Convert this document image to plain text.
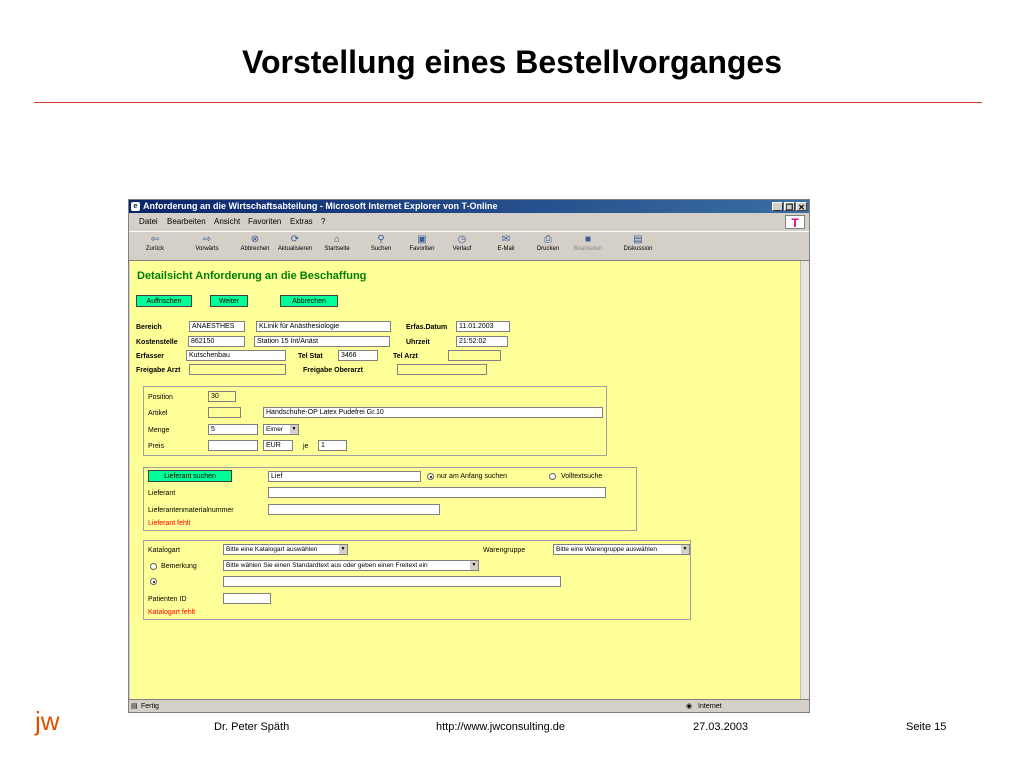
Vorstellung eines Bestellvorganges
e Anforderung an die Wirtschaftsabteilung - Microsoft Internet Explorer von T-Online	_ ❐ ✕
Datei Bearbeiten Ansicht Favoriten Extras ?	T
⇦
Zurück
⇨
Vorwärts
⊗
Abbrechen
⟳
Aktualisieren
⌂
Startseite
⚲
Suchen
▣
Favoriten
◷
Verlauf
✉
E-Mail
⎙
Drucken
■
Bearbeiten
▤
Diskussion
Detailsicht Anforderung an die Beschaffung
Auffrischen	Weiter	Abbrechen
Bereich	ANAESTHES	KLinik für Anästhesiologie	Erfas.Datum	11.01.2003
Kostenstelle	862150	Station 15 Int/Anäst	Uhrzeit	21:52:02
Erfasser	Kutschenbau	Tel Stat	3466	Tel Arzt
Freigabe Arzt	Freigabe Oberarzt
Position	30
Artikel	Handschuhe-OP Latex Pudefrei Gr.10
Menge	5	Eimer	▼
Preis	EUR	je	1
Lieferant suchen	Lief	nur am Anfang suchen	Volltextsuche
Lieferant
Lieferantenmaterialnummer
Lieferant fehlt
Katalogart	Bitte eine Katalogart auswählen	▼	Warengruppe	Bitte eine Warengruppe auswählen	▼
Bemerkung	Bitte wählen Sie einen Standardtext aus oder geben einen Freitext ein	▼
Patienten ID
Katalogart fehlt
▤ Fertig	◉ Internet
jw	Dr. Peter Späth	http://www.jwconsulting.de	27.03.2003	Seite 15
